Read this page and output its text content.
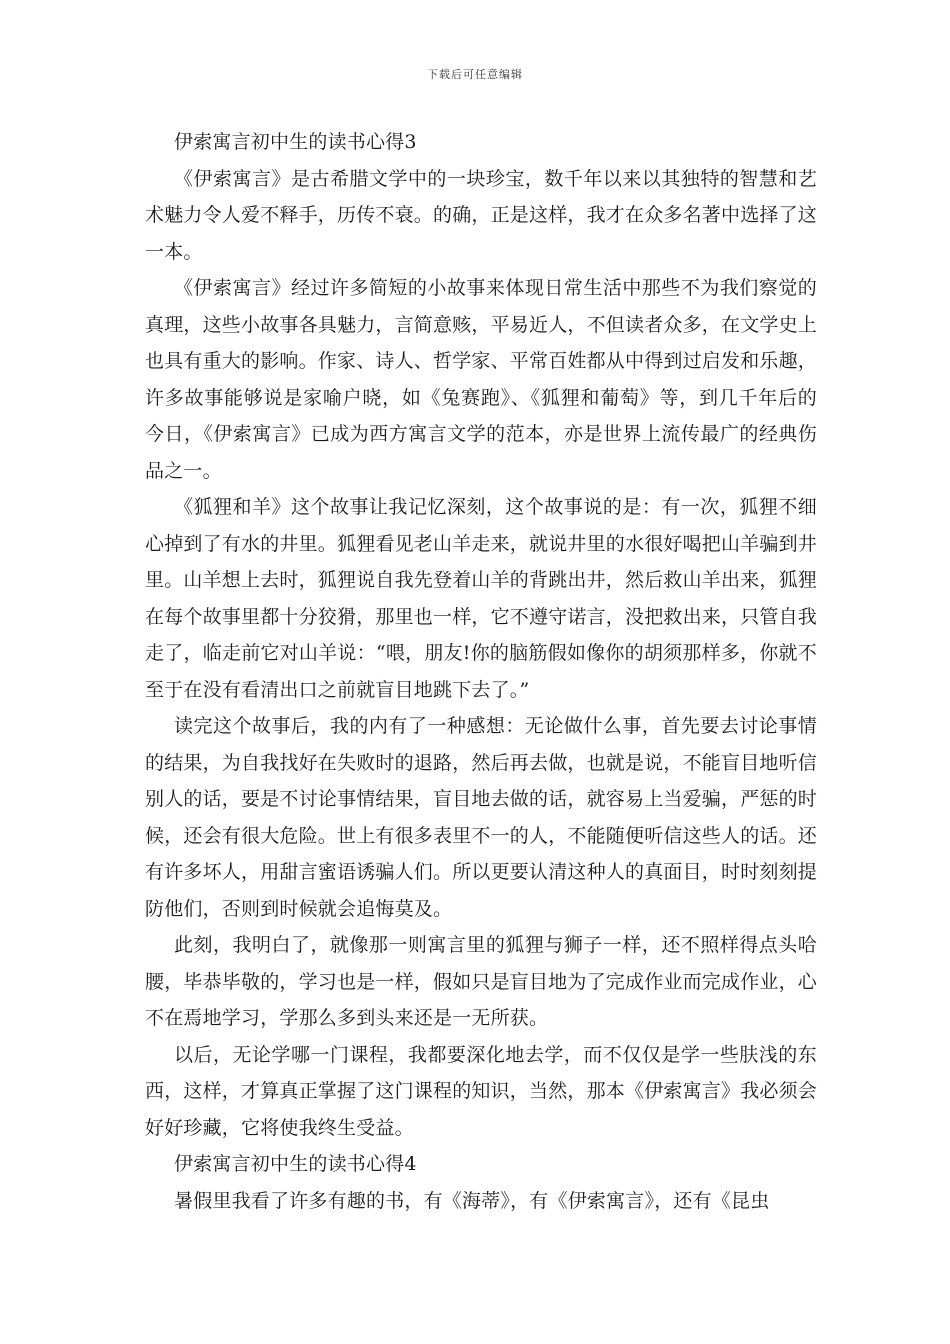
下载后可任意编辑

伊索寓言初中生的读书心得3

《伊索寓言》是古希腊文学中的一块珍宝，数千年以来以其独特的智慧和艺术魅力令人爱不释手，历传不衰。的确，正是这样，我才在众多名著中选择了这一本。

《伊索寓言》经过许多简短的小故事来体现日常生活中那些不为我们察觉的真理，这些小故事各具魅力，言简意赅，平易近人，不但读者众多，在文学史上也具有重大的影响。作家、诗人、哲学家、平常百姓都从中得到过启发和乐趣，许多故事能够说是家喻户晓，如《兔赛跑》、《狐狸和葡萄》等，到几千年后的今日，《伊索寓言》已成为西方寓言文学的范本，亦是世界上流传最广的经典伤品之一。

《狐狸和羊》这个故事让我记忆深刻，这个故事说的是：有一次，狐狸不细心掉到了有水的井里。狐狸看见老山羊走来，就说井里的水很好喝把山羊骗到井里。山羊想上去时，狐狸说自我先登着山羊的背跳出井，然后救山羊出来，狐狸在每个故事里都十分狡猾，那里也一样，它不遵守诺言，没把救出来，只管自我走了，临走前它对山羊说：“喂，朋友!你的脑筋假如像你的胡须那样多，你就不至于在没有看清出口之前就盲目地跳下去了。”

读完这个故事后，我的内有了一种感想：无论做什么事，首先要去讨论事情的结果，为自我找好在失败时的退路，然后再去做，也就是说，不能盲目地听信别人的话，要是不讨论事情结果，盲目地去做的话，就容易上当爱骗，严惩的时候，还会有很大危险。世上有很多表里不一的人，不能随便听信这些人的话。还有许多坏人，用甜言蜜语诱骗人们。所以更要认清这种人的真面目，时时刻刻提防他们，否则到时候就会追悔莫及。

此刻，我明白了，就像那一则寓言里的狐狸与狮子一样，还不照样得点头哈腰，毕恭毕敬的，学习也是一样，假如只是盲目地为了完成作业而完成作业，心不在焉地学习，学那么多到头来还是一无所获。

以后，无论学哪一门课程，我都要深化地去学，而不仅仅是学一些肤浅的东西，这样，才算真正掌握了这门课程的知识，当然，那本《伊索寓言》我必须会好好珍藏，它将使我终生受益。

伊索寓言初中生的读书心得4

暑假里我看了许多有趣的书，有《海蒂》，有《伊索寓言》，还有《昆虫
